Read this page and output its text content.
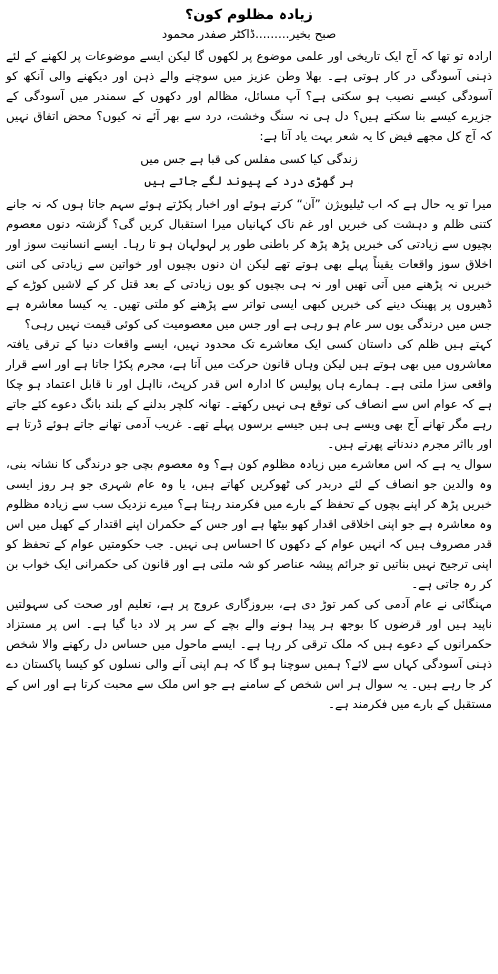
زیادہ مظلوم کون؟
صبح بخیر.........ڈاکٹر صفدر محمود

ارادہ تو تھا کہ آج ایک تاریخی اور علمی موضوع پر لکھوں گا لیکن ایسے موضوعات پر لکھنے کے لئے ذہنی آسودگی در کار ہوتی ہے۔ بھلا وطن عزیز میں سوچنے والے ذہن اور دیکھنے والی آنکھ کو آسودگی کیسے نصیب ہو سکتی ہے؟ آپ مسائل، مظالم اور دکھوں کے سمندر میں آسودگی کے جزیرے کیسے بنا سکتے ہیں؟ دل ہی نہ سنگ وخشت، درد سے بھر آئے نہ کیوں؟ محض اتفاق نہیں کہ آج کل مجھے فیض کا یہ شعر بہت یاد آتا ہے:

زندگی کیا کسی مفلس کی قبا ہے جس میں
ہر گھڑی درد کے پیوند لگے جاتے ہیں

میرا تو یہ حال ہے کہ اب ٹیلیویژن ”آن“ کرتے ہوئے اور اخبار پکڑتے ہوئے سہم جاتا ہوں کہ نہ جانے کتنی ظلم و دہشت کی خبریں اور غم ناک کہانیاں میرا استقبال کریں گی؟ گزشتہ دنوں معصوم بچیوں سے زیادتی کی خبریں پڑھ پڑھ کر باطنی طور پر لہولہان ہو تا رہا۔ ایسے انسانیت سوز اور اخلاق سوز واقعات یقیناً پہلے بھی ہوتے تھے لیکن ان دنوں بچیوں اور خواتین سے زیادتی کی اتنی خبریں نہ پڑھنے میں آتی تھیں اور نہ ہی بچیوں کو یوں زیادتی کے بعد قتل کر کے لاشیں کوڑے کے ڈھیروں پر پھینک دینے کی خبریں کبھی ایسی تواتر سے پڑھنے کو ملتی تھیں۔ یہ کیسا معاشرہ ہے جس میں درندگی یوں سر عام ہو رہی ہے اور جس میں معصومیت کی کوئی قیمت نہیں رہی؟

کہتے ہیں ظلم کی داستان کسی ایک معاشرے تک محدود نہیں، ایسے واقعات دنیا کے ترقی یافتہ معاشروں میں بھی ہوتے ہیں لیکن وہاں قانون حرکت میں آتا ہے، مجرم پکڑا جاتا ہے اور اسے قرار واقعی سزا ملتی ہے۔ ہمارے ہاں پولیس کا ادارہ اس قدر کرپٹ، نااہل اور نا قابل اعتماد ہو چکا ہے کہ عوام اس سے انصاف کی توقع ہی نہیں رکھتے۔ تھانہ کلچر بدلنے کے بلند بانگ دعوے کئے جاتے رہے مگر تھانے آج بھی ویسے ہی ہیں جیسے برسوں پہلے تھے۔ غریب آدمی تھانے جاتے ہوئے ڈرتا ہے اور بااثر مجرم دندناتے پھرتے ہیں۔

سوال یہ ہے کہ اس معاشرے میں زیادہ مظلوم کون ہے؟ وہ معصوم بچی جو درندگی کا نشانہ بنی، وہ والدین جو انصاف کے لئے دربدر کی ٹھوکریں کھاتے ہیں، یا وہ عام شہری جو ہر روز ایسی خبریں پڑھ کر اپنے بچوں کے تحفظ کے بارے میں فکرمند رہتا ہے؟ میرے نزدیک سب سے زیادہ مظلوم وہ معاشرہ ہے جو اپنی اخلاقی اقدار کھو بیٹھا ہے اور جس کے حکمران اپنے اقتدار کے کھیل میں اس قدر مصروف ہیں کہ انہیں عوام کے دکھوں کا احساس ہی نہیں۔ جب حکومتیں عوام کے تحفظ کو اپنی ترجیح نہیں بناتیں تو جرائم پیشہ عناصر کو شہ ملتی ہے اور قانون کی حکمرانی ایک خواب بن کر رہ جاتی ہے۔

مہنگائی نے عام آدمی کی کمر توڑ دی ہے، بیروزگاری عروج پر ہے، تعلیم اور صحت کی سہولتیں ناپید ہیں اور قرضوں کا بوجھ ہر پیدا ہونے والے بچے کے سر پر لاد دیا گیا ہے۔ اس پر مستزاد حکمرانوں کے دعوے ہیں کہ ملک ترقی کر رہا ہے۔ ایسے ماحول میں حساس دل رکھنے والا شخص ذہنی آسودگی کہاں سے لائے؟ ہمیں سوچنا ہو گا کہ ہم اپنی آنے والی نسلوں کو کیسا پاکستان دے کر جا رہے ہیں۔ یہ سوال ہر اس شخص کے سامنے ہے جو اس ملک سے محبت کرتا ہے اور اس کے مستقبل کے بارے میں فکرمند ہے۔
